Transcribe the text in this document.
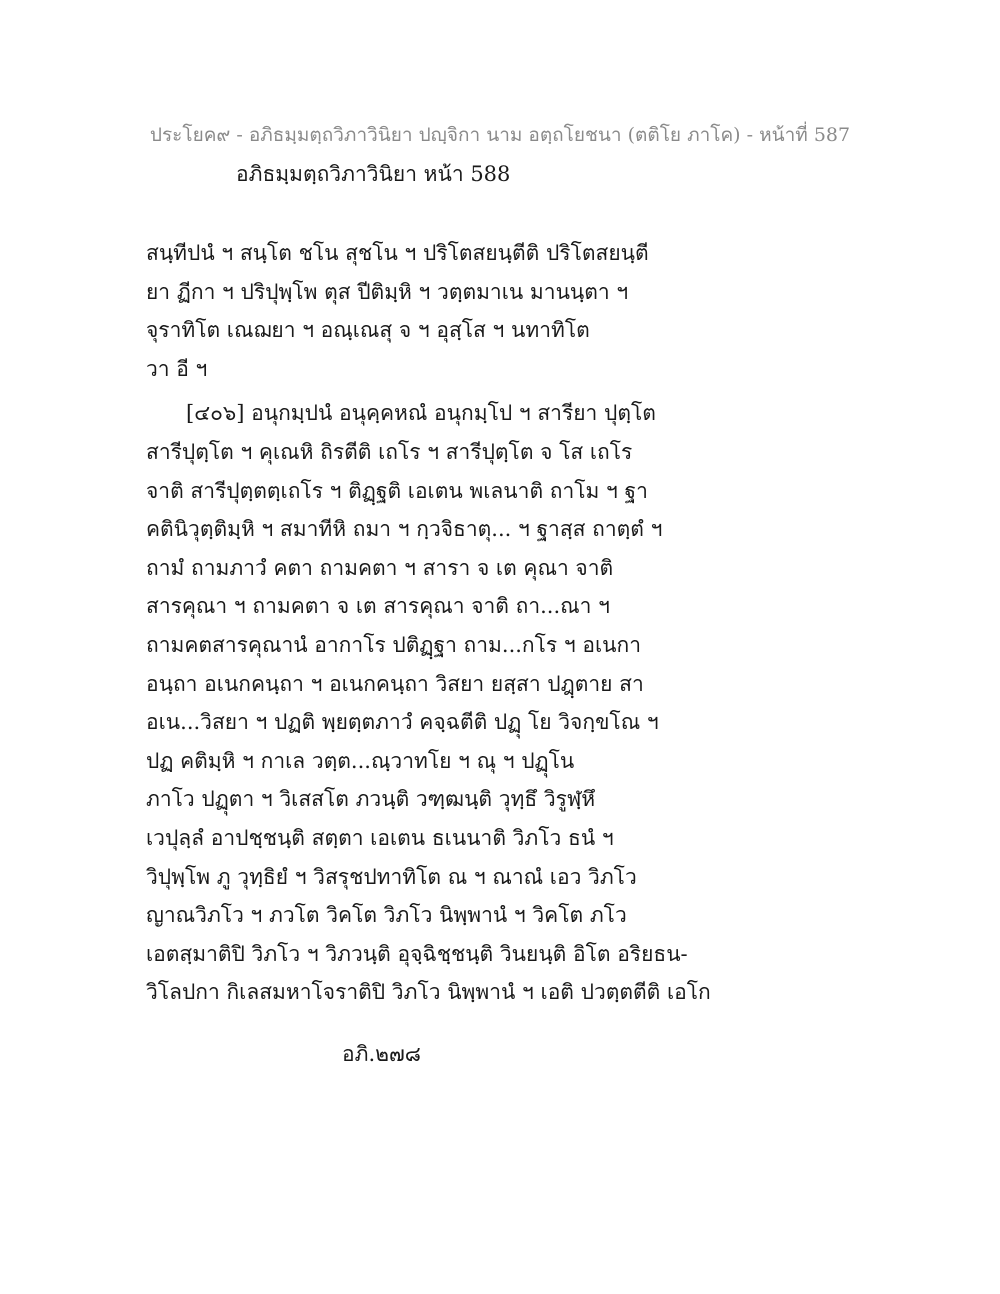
ประโยค๙ - อภิธมฺมตฺถวิภาวินิยา ปญฺจิกา นาม อตฺถโยชนา (ตติโย ภาโค) - หน้าที่ 587
อภิธมฺมตฺถวิภาวินิยา หน้า 588
สนฺทีปนํ ฯ สนฺโต ชโน สุชโน ฯ ปริโตสยนฺตีติ ปริโตสยนฺตี
ยา ฏีกา ฯ ปริปุพฺโพ ตุส ปีติมฺหิ ฯ วตฺตมาเน มานนฺตา ฯ
จุราทิโต เณฌยา ฯ อณฺเณสุ จ ฯ อุสฺโส ฯ นทาทิโต
วา อี ฯ
[๔๐๖] อนุกมฺปนํ อนุคฺคหณํ อนุกมฺโป ฯ สารียา ปุตฺโต
สารีปุตฺโต ฯ คุเณหิ ถิรตีติ เถโร ฯ สารีปุตฺโต จ โส เถโร
จาติ สารีปุตฺตตฺเถโร ฯ ติฏฺฐติ เอเตน พเลนาติ ถาโม ฯ ฐา
คตินิวุตฺติมฺหิ ฯ สมาทีหิ ถมา ฯ กฺวจิธาตุ... ฯ ฐาสฺส ถาตฺตํ ฯ
ถามํ ถามภาวํ คตา ถามคตา ฯ สารา จ เต คุณา จาติ
สารคุณา ฯ ถามคตา จ เต สารคุณา จาติ ถา...ณา ฯ
ถามคตสารคุณานํ อากาโร ปติฏฺฐา ถาม...กโร ฯ อเนกา
อนฺถา อเนกคนฺถา ฯ อเนกคนฺถา วิสยา ยสฺสา ปฎฺตาย สา
อเน...วิสยา ฯ ปฏติ พฺยตฺตภาวํ คจฺฉตีติ ปฏุ โย วิจกฺขโณ ฯ
ปฏ คติมฺหิ ฯ กาเล วตฺต...ณฺวาทโย ฯ ณุ ฯ ปฏุโน
ภาโว ปฏุตา ฯ วิเสสโต ภวนฺติ วฑฺฒนฺติ วุทฺธึ วิรูฬฺหึ
เวปุลฺลํ อาปชฺชนฺติ สตฺตา เอเตน ธเนนาติ วิภโว ธนํ ฯ
วิปุพฺโพ ภู วุทฺธิยํ ฯ วิสรุชปทาทิโต ณ ฯ ณาณํ เอว วิภโว
ญาณวิภโว ฯ ภวโต วิคโต วิภโว นิพฺพานํ ฯ วิคโต ภโว
เอตสฺมาติปิ วิภโว ฯ วิภวนฺติ อุจฺฉิชฺชนฺติ วินยนฺติ อิโต อริยธน-
วิโลปกา กิเลสมหาโจราติปิ วิภโว นิพฺพานํ ฯ เอติ ปวตฺตตีติ เอโก
อภิ.๒๗๘
